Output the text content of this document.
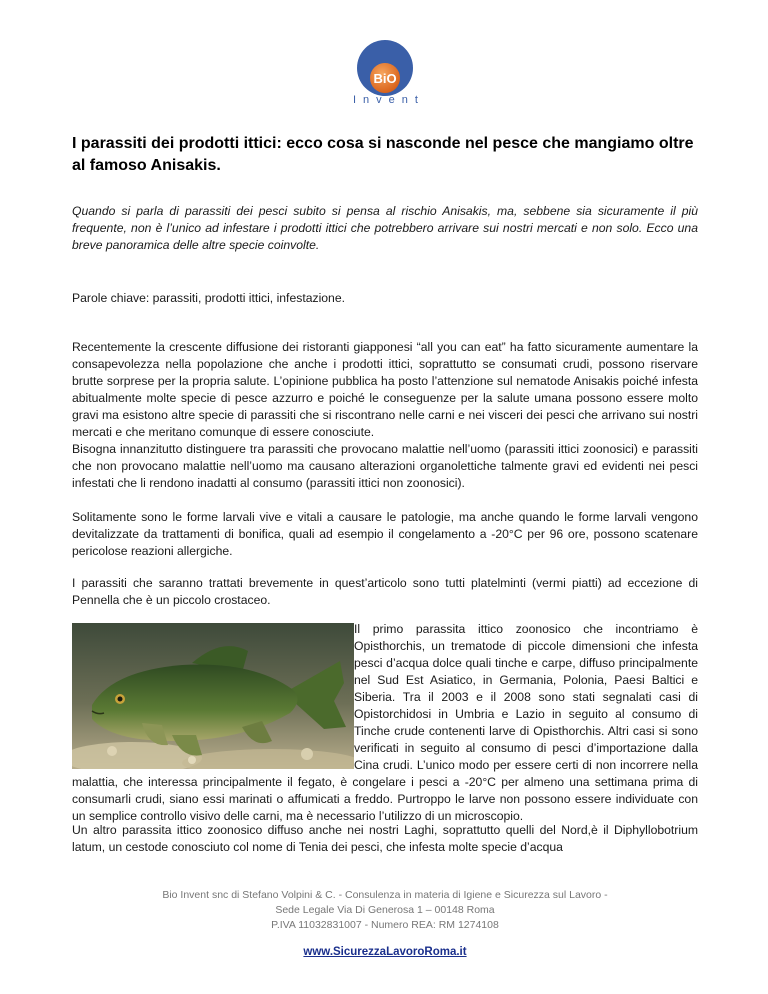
BiO
Invent
I parassiti dei prodotti ittici: ecco cosa si nasconde nel pesce che mangiamo oltre al famoso Anisakis.

Quando si parla di parassiti dei pesci subito si pensa al rischio Anisakis, ma, sebbene sia sicuramente il più frequente, non è l’unico ad infestare i prodotti ittici che potrebbero arrivare sui nostri mercati e non solo. Ecco una breve panoramica delle altre specie coinvolte.

Parole chiave: parassiti, prodotti ittici, infestazione.

Recentemente la crescente diffusione dei ristoranti giapponesi “all you can eat” ha fatto sicuramente aumentare la consapevolezza nella popolazione che anche i prodotti ittici, soprattutto se consumati crudi, possono riservare brutte sorprese per la propria salute. L’opinione pubblica ha posto l’attenzione sul nematode Anisakis poiché infesta abitualmente molte specie di pesce azzurro e poiché le conseguenze per la salute umana possono essere molto gravi ma esistono altre specie di parassiti che si riscontrano nelle carni e nei visceri dei pesci che arrivano sui nostri mercati e che meritano comunque di essere conosciute.

Bisogna innanzitutto distinguere tra parassiti che provocano malattie nell’uomo (parassiti ittici zoonosici) e parassiti che non provocano malattie nell’uomo ma causano alterazioni organolettiche talmente gravi ed evidenti nei pesci infestati che li rendono inadatti al consumo (parassiti ittici non zoonosici).

Solitamente sono le forme larvali vive e vitali a causare le patologie, ma anche quando le forme larvali vengono devitalizzate da trattamenti di bonifica, quali ad esempio il congelamento a -20°C per 96 ore, possono scatenare pericolose reazioni allergiche.

I parassiti che saranno trattati brevemente in quest’articolo sono tutti platelminti (vermi piatti) ad eccezione di Pennella che è un piccolo crostaceo.

Il primo parassita ittico zoonosico che incontriamo è Opisthorchis, un trematode di piccole dimensioni che infesta pesci d’acqua dolce quali tinche e carpe, diffuso principalmente nel Sud Est Asiatico, in Germania, Polonia, Paesi Baltici e Siberia. Tra il 2003 e il 2008 sono stati segnalati casi di Opistorchidosi in Umbria e Lazio in seguito al consumo di Tinche crude contenenti larve di Opisthorchis. Altri casi si sono verificati in seguito al consumo di pesci d’importazione dalla Cina crudi. L’unico modo per essere certi di non incorrere nella malattia, che interessa principalmente il fegato, è congelare i pesci a -20°C per almeno una settimana prima di consumarli crudi, siano essi marinati o affumicati a freddo. Purtroppo le larve non possono essere individuate con un semplice controllo visivo delle carni, ma è necessario l’utilizzo di un microscopio.

Un altro parassita ittico zoonosico diffuso anche nei nostri Laghi, soprattutto quelli del Nord,è il Diphyllobotrium latum, un cestode conosciuto col nome di Tenia dei pesci, che infesta molte specie d’acqua

Bio Invent snc di Stefano Volpini & C. - Consulenza in materia di Igiene e Sicurezza sul Lavoro -
Sede Legale Via Di Generosa 1 – 00148 Roma
P.IVA 11032831007 - Numero REA: RM 1274108
www.SicurezzaLavoroRoma.it
